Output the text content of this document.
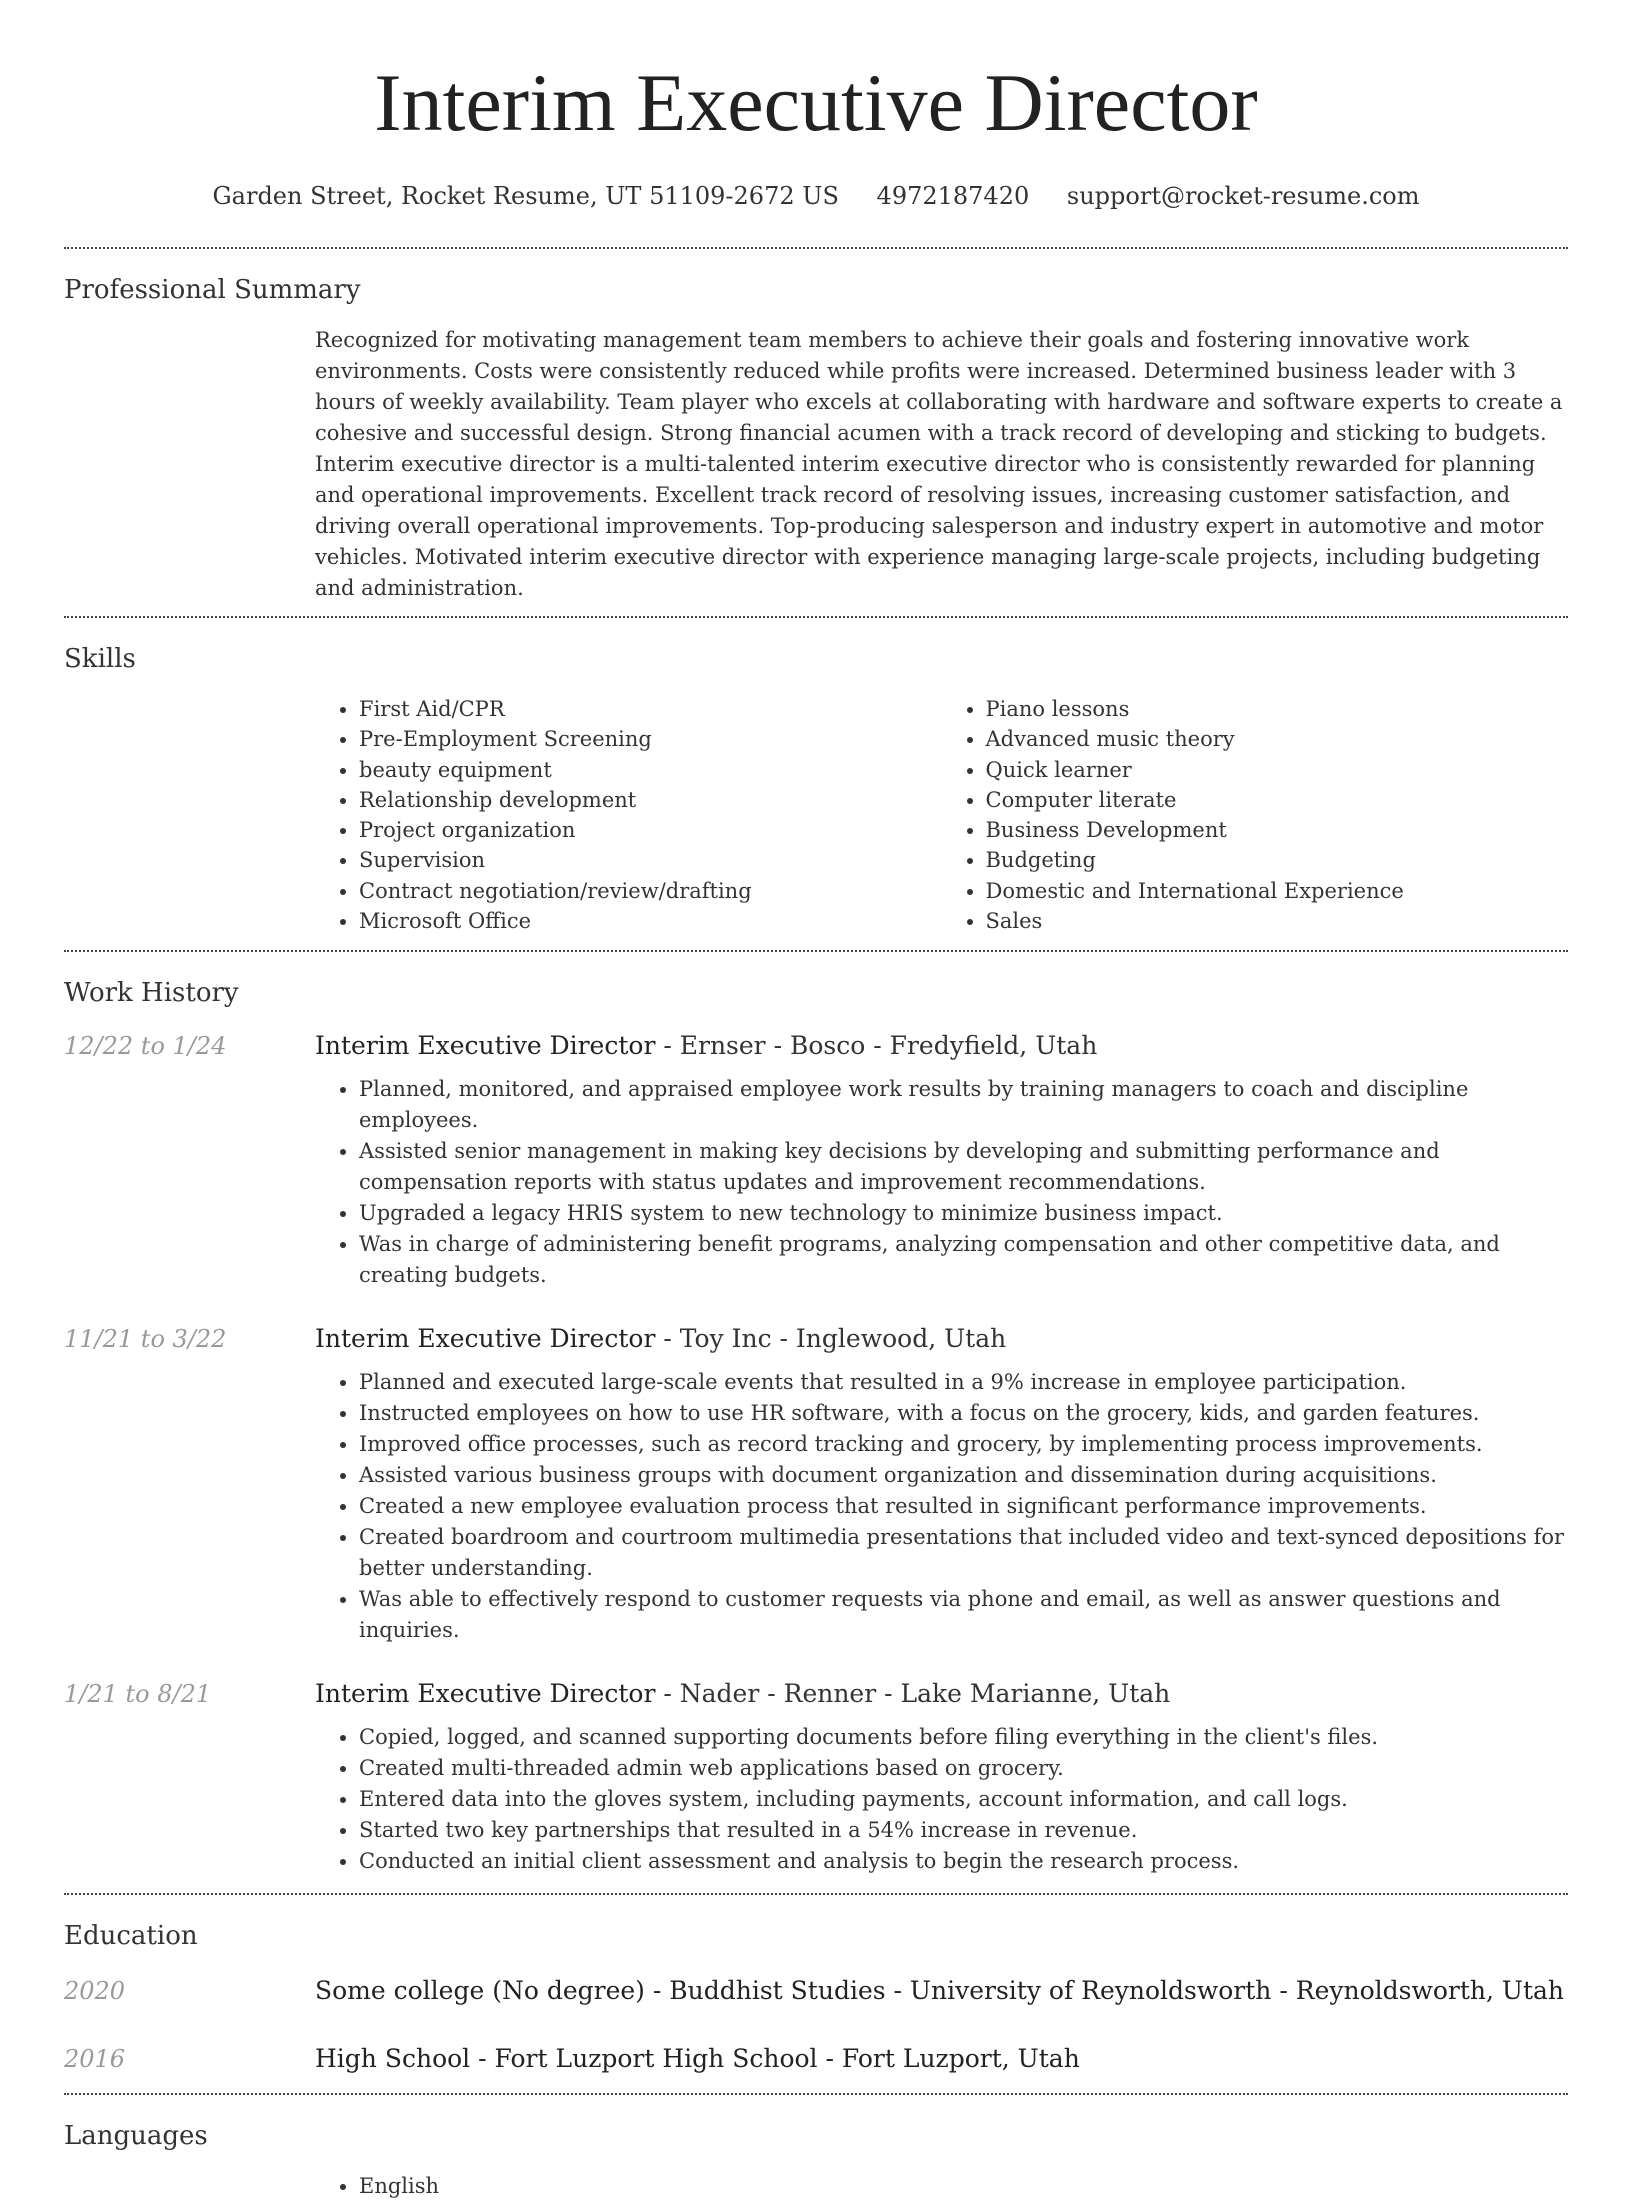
Interim Executive Director
Garden Street, Rocket Resume, UT 51109-2672 US 4972187420 support@rocket-resume.com
Professional Summary
Recognized for motivating management team members to achieve their goals and fostering innovative work environments. Costs were consistently reduced while profits were increased. Determined business leader with 3 hours of weekly availability. Team player who excels at collaborating with hardware and software experts to create a cohesive and successful design. Strong financial acumen with a track record of developing and sticking to budgets. Interim executive director is a multi-talented interim executive director who is consistently rewarded for planning and operational improvements. Excellent track record of resolving issues, increasing customer satisfaction, and driving overall operational improvements. Top-producing salesperson and industry expert in automotive and motor vehicles. Motivated interim executive director with experience managing large-scale projects, including budgeting and administration.
Skills
• First Aid/CPR
• Pre-Employment Screening
• beauty equipment
• Relationship development
• Project organization
• Supervision
• Contract negotiation/review/drafting
• Microsoft Office
• Piano lessons
• Advanced music theory
• Quick learner
• Computer literate
• Business Development
• Budgeting
• Domestic and International Experience
• Sales
Work History
12/22 to 1/24	Interim Executive Director - Ernser - Bosco - Fredyfield, Utah
• Planned, monitored, and appraised employee work results by training managers to coach and discipline employees.
• Assisted senior management in making key decisions by developing and submitting performance and compensation reports with status updates and improvement recommendations.
• Upgraded a legacy HRIS system to new technology to minimize business impact.
• Was in charge of administering benefit programs, analyzing compensation and other competitive data, and creating budgets.
11/21 to 3/22	Interim Executive Director - Toy Inc - Inglewood, Utah
• Planned and executed large-scale events that resulted in a 9% increase in employee participation.
• Instructed employees on how to use HR software, with a focus on the grocery, kids, and garden features.
• Improved office processes, such as record tracking and grocery, by implementing process improvements.
• Assisted various business groups with document organization and dissemination during acquisitions.
• Created a new employee evaluation process that resulted in significant performance improvements.
• Created boardroom and courtroom multimedia presentations that included video and text-synced depositions for better understanding.
• Was able to effectively respond to customer requests via phone and email, as well as answer questions and inquiries.
1/21 to 8/21	Interim Executive Director - Nader - Renner - Lake Marianne, Utah
• Copied, logged, and scanned supporting documents before filing everything in the client's files.
• Created multi-threaded admin web applications based on grocery.
• Entered data into the gloves system, including payments, account information, and call logs.
• Started two key partnerships that resulted in a 54% increase in revenue.
• Conducted an initial client assessment and analysis to begin the research process.
Education
2020	Some college (No degree) - Buddhist Studies - University of Reynoldsworth - Reynoldsworth, Utah
2016	High School - Fort Luzport High School - Fort Luzport, Utah
Languages
• English
